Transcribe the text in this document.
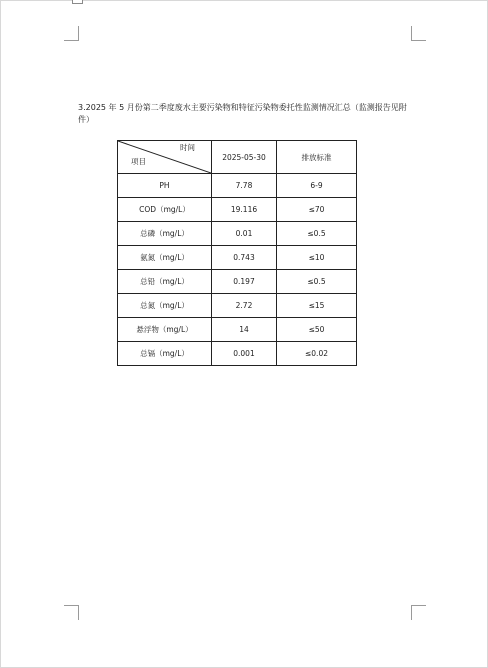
3.2025 年 5 月份第二季度废水主要污染物和特征污染物委托性监测情况汇总（监测报告见附件）
时间
项目	2025-05-30	排放标准
PH	7.78	6-9
COD（mg/L）	19.116	≤70
总磷（mg/L）	0.01	≤0.5
氨氮（mg/L）	0.743	≤10
总铅（mg/L）	0.197	≤0.5
总氮（mg/L）	2.72	≤15
悬浮物（mg/L）	14	≤50
总镉（mg/L）	0.001	≤0.02
